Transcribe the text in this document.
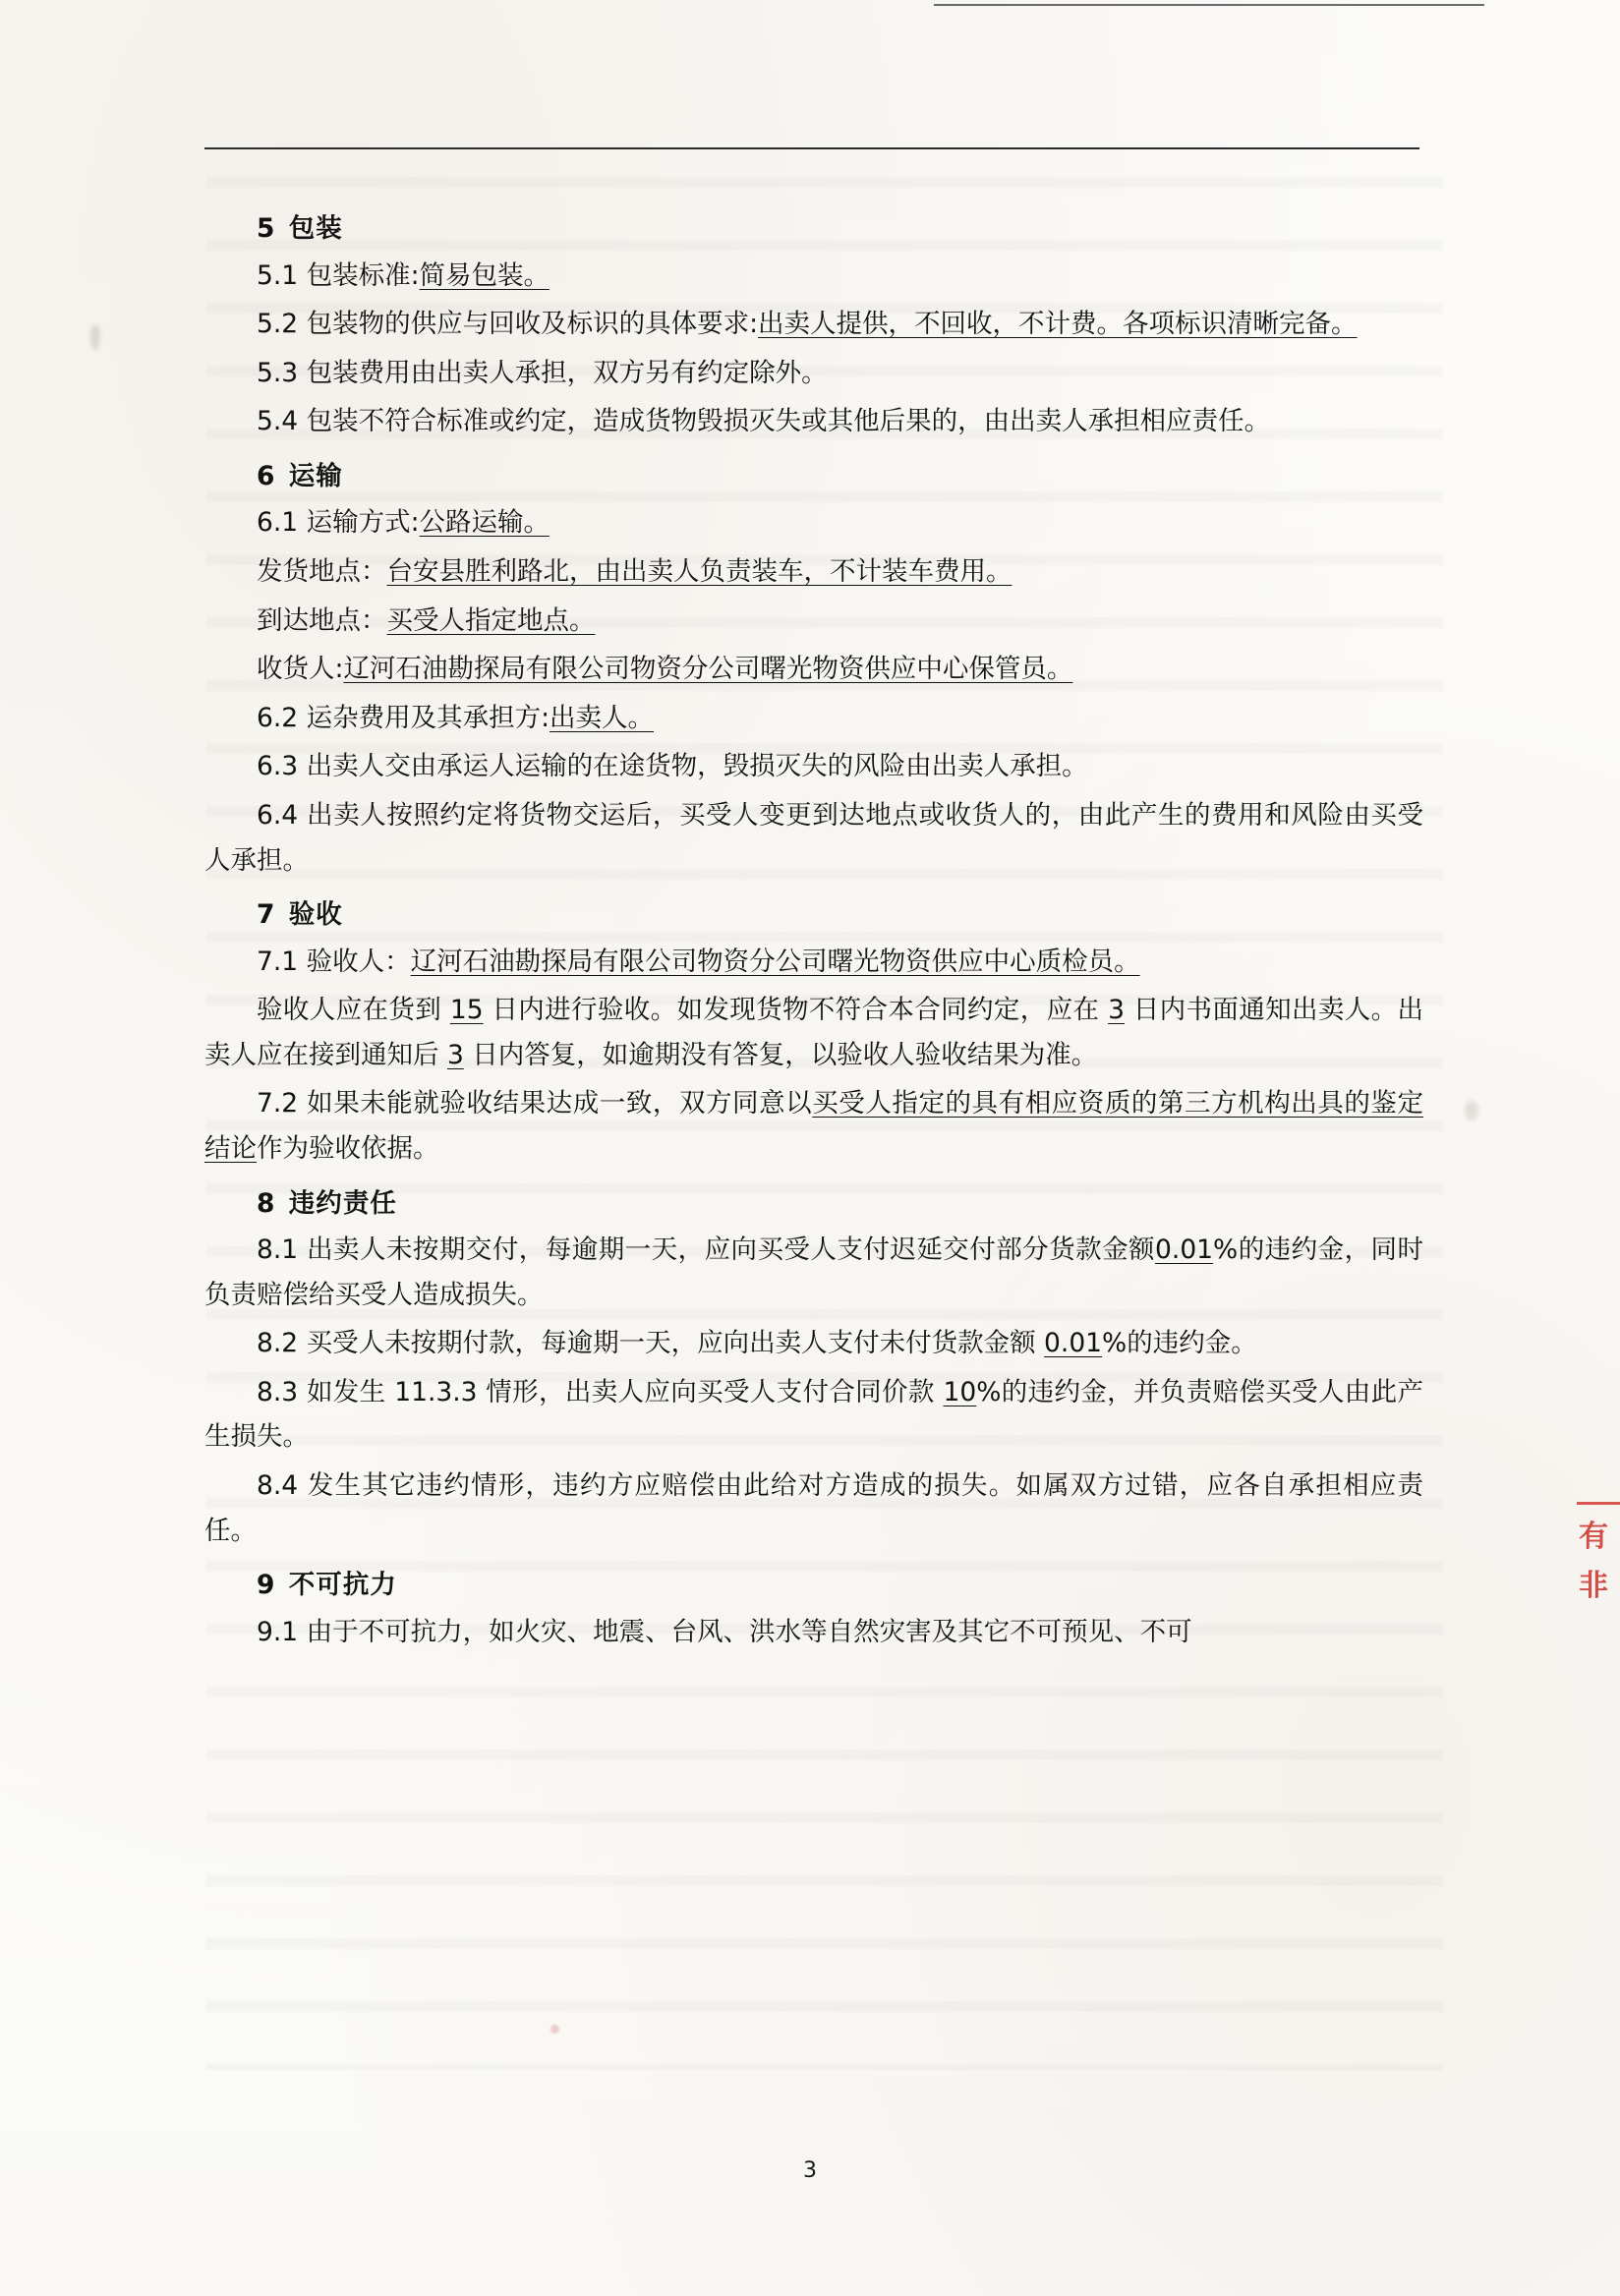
5 包装

5.1 包装标准:简易包装。

5.2 包装物的供应与回收及标识的具体要求:出卖人提供，不回收，不计费。各项标识清晰完备。

5.3 包装费用由出卖人承担，双方另有约定除外。

5.4 包装不符合标准或约定，造成货物毁损灭失或其他后果的，由出卖人承担相应责任。

6 运输

6.1 运输方式:公路运输。

发货地点：台安县胜利路北，由出卖人负责装车，不计装车费用。

到达地点：买受人指定地点。

收货人:辽河石油勘探局有限公司物资分公司曙光物资供应中心保管员。

6.2 运杂费用及其承担方:出卖人。

6.3 出卖人交由承运人运输的在途货物，毁损灭失的风险由出卖人承担。

6.4 出卖人按照约定将货物交运后，买受人变更到达地点或收货人的，由此产生的费用和风险由买受人承担。

7 验收

7.1 验收人：辽河石油勘探局有限公司物资分公司曙光物资供应中心质检员。

验收人应在货到 15 日内进行验收。如发现货物不符合本合同约定，应在 3 日内书面通知出卖人。出卖人应在接到通知后 3 日内答复，如逾期没有答复，以验收人验收结果为准。

7.2 如果未能就验收结果达成一致，双方同意以买受人指定的具有相应资质的第三方机构出具的鉴定结论作为验收依据。

8 违约责任

8.1 出卖人未按期交付，每逾期一天，应向买受人支付迟延交付部分货款金额0.01%的违约金，同时负责赔偿给买受人造成损失。

8.2 买受人未按期付款，每逾期一天，应向出卖人支付未付货款金额 0.01%的违约金。

8.3 如发生 11.3.3 情形，出卖人应向买受人支付合同价款 10%的违约金，并负责赔偿买受人由此产生损失。

8.4 发生其它违约情形，违约方应赔偿由此给对方造成的损失。如属双方过错，应各自承担相应责任。

9 不可抗力

9.1 由于不可抗力，如火灾、地震、台风、洪水等自然灾害及其它不可预见、不可

有
非
3
